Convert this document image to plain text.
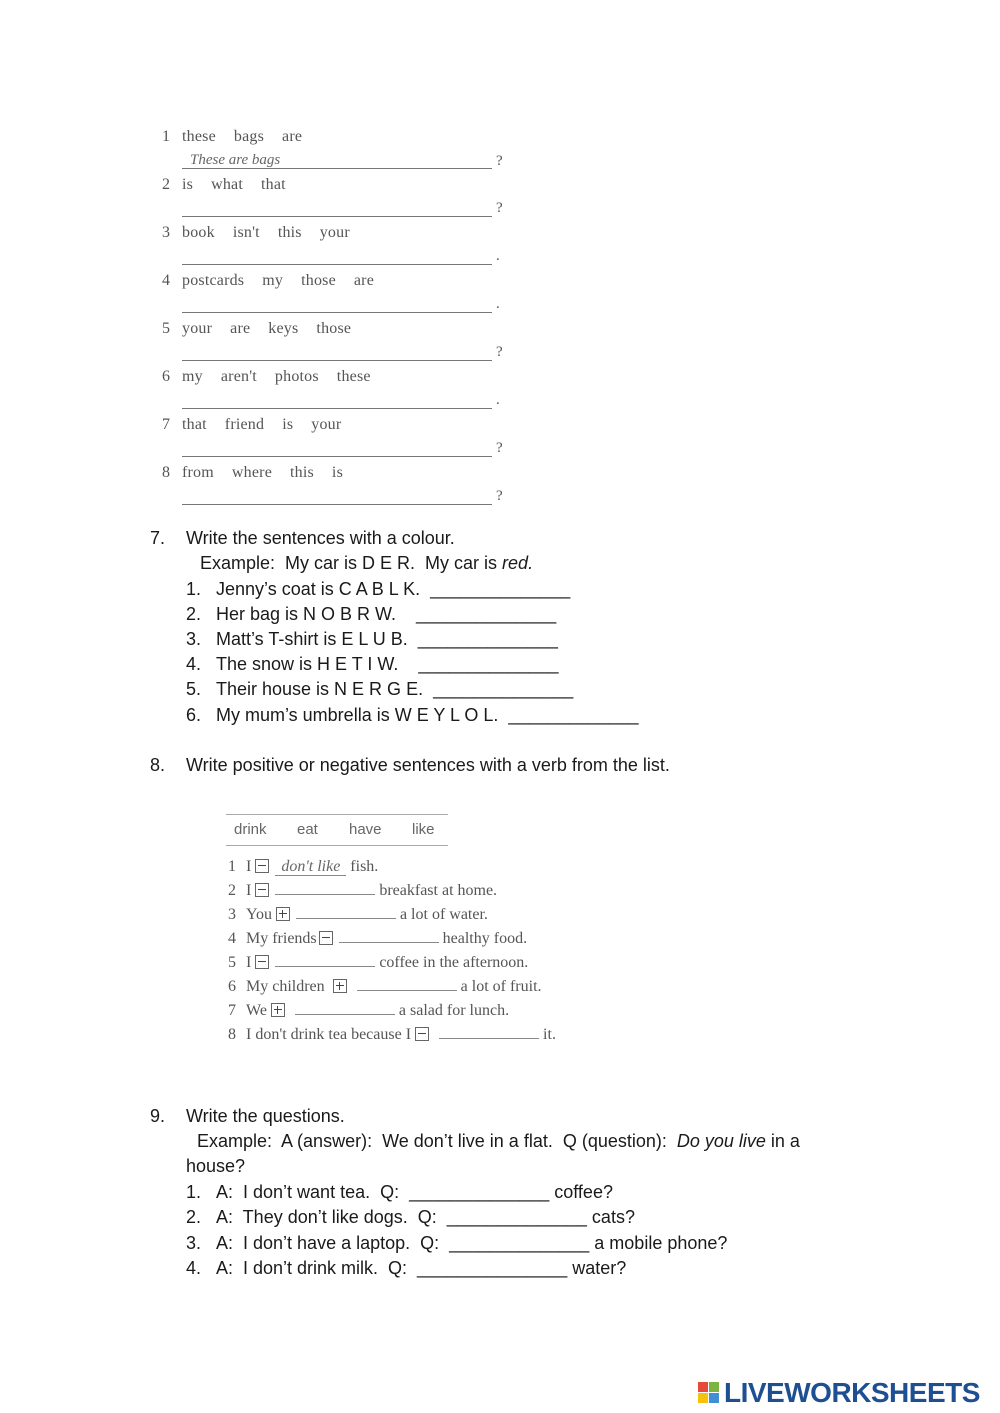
1 these bags are
These are bags	?
2 is what that
?
3 book isn't this your
.
4 postcards my those are
.
5 your are keys those
?
6 my aren't photos these
.
7 that friend is your
?
8 from where this is
?
7. Write the sentences with a colour.
Example:  My car is D E R.  My car is red.
1. Jenny’s coat is C A B L K.  ______________
2. Her bag is N O B R W.    ______________
3. Matt’s T-shirt is E L U B.  ______________
4. The snow is H E T I W.    ______________
5. Their house is N E R G E.  ______________
6. My mum’s umbrella is W E Y L O L.  _____________
8. Write positive or negative sentences with a verb from the list.
drink eat have like
1 I don't like fish.
2 I	breakfast at home.
3 You	a lot of water.
4 My friends	healthy food.
5 I	coffee in the afternoon.
6 My children	a lot of fruit.
7 We	a salad for lunch.
8 I don't drink tea because I	it.
9. Write the questions.
Example:  A (answer):  We don’t live in a flat.  Q (question):  Do you live in a
house?
1. A:  I don’t want tea.  Q:  ______________ coffee?
2. A:  They don’t like dogs.  Q:  ______________ cats?
3. A:  I don’t have a laptop.  Q:  ______________ a mobile phone?
4. A:  I don’t drink milk.  Q:  _______________ water?
LIVEWORKSHEETS
